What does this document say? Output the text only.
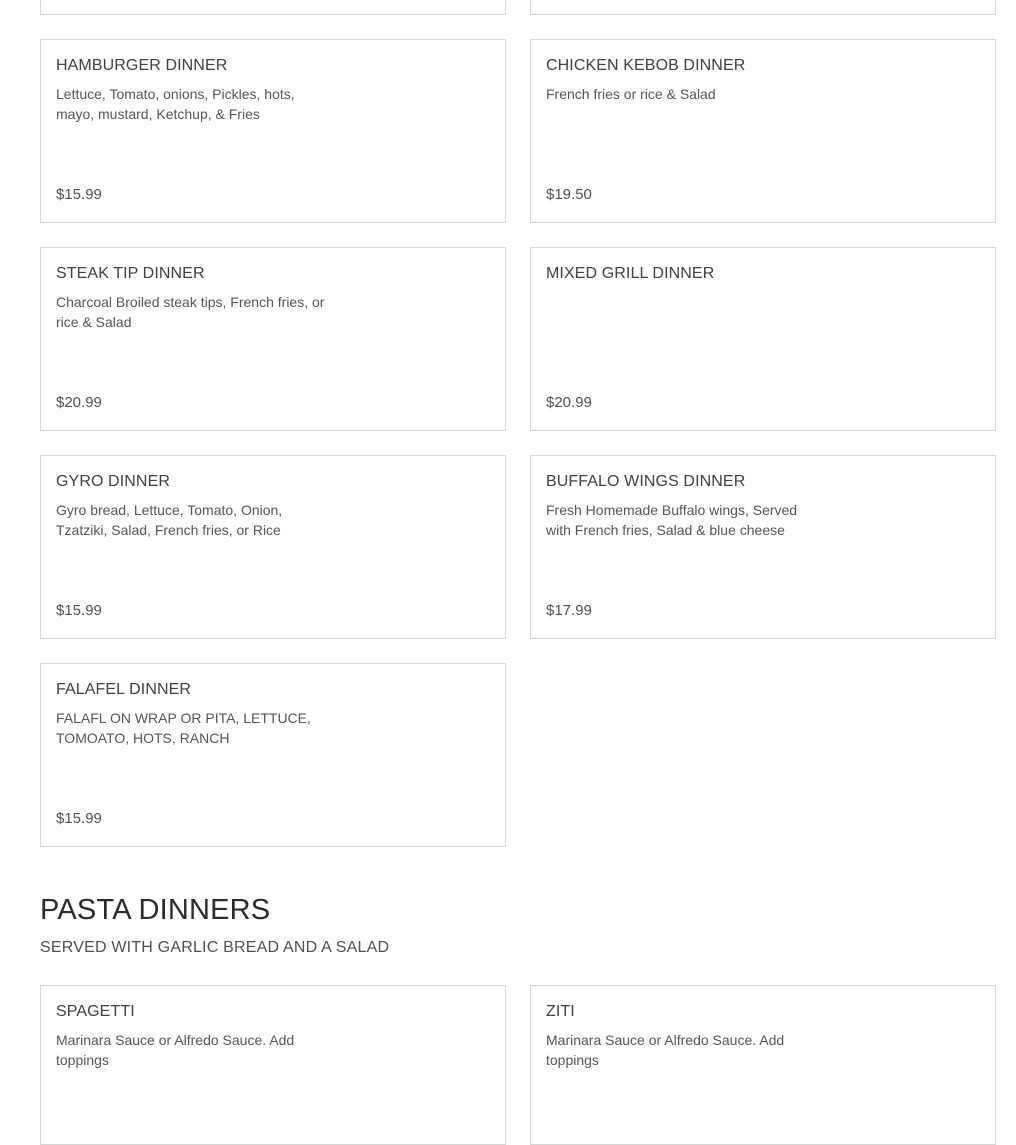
HAMBURGER DINNER
Lettuce, Tomato, onions, Pickles, hots, mayo, mustard, Ketchup, & Fries
$15.99
CHICKEN KEBOB DINNER
French fries or rice & Salad
$19.50
STEAK TIP DINNER
Charcoal Broiled steak tips, French fries, or rice & Salad
$20.99
MIXED GRILL DINNER
$20.99
GYRO DINNER
Gyro bread, Lettuce, Tomato, Onion, Tzatziki, Salad, French fries, or Rice
$15.99
BUFFALO WINGS DINNER
Fresh Homemade Buffalo wings, Served with French fries, Salad & blue cheese
$17.99
FALAFEL DINNER
FALAFL ON WRAP OR PITA, LETTUCE, TOMOATO, HOTS, RANCH
$15.99
PASTA DINNERS
SERVED WITH GARLIC BREAD AND A SALAD
SPAGETTI
Marinara Sauce or Alfredo Sauce. Add toppings
ZITI
Marinara Sauce or Alfredo Sauce. Add toppings
